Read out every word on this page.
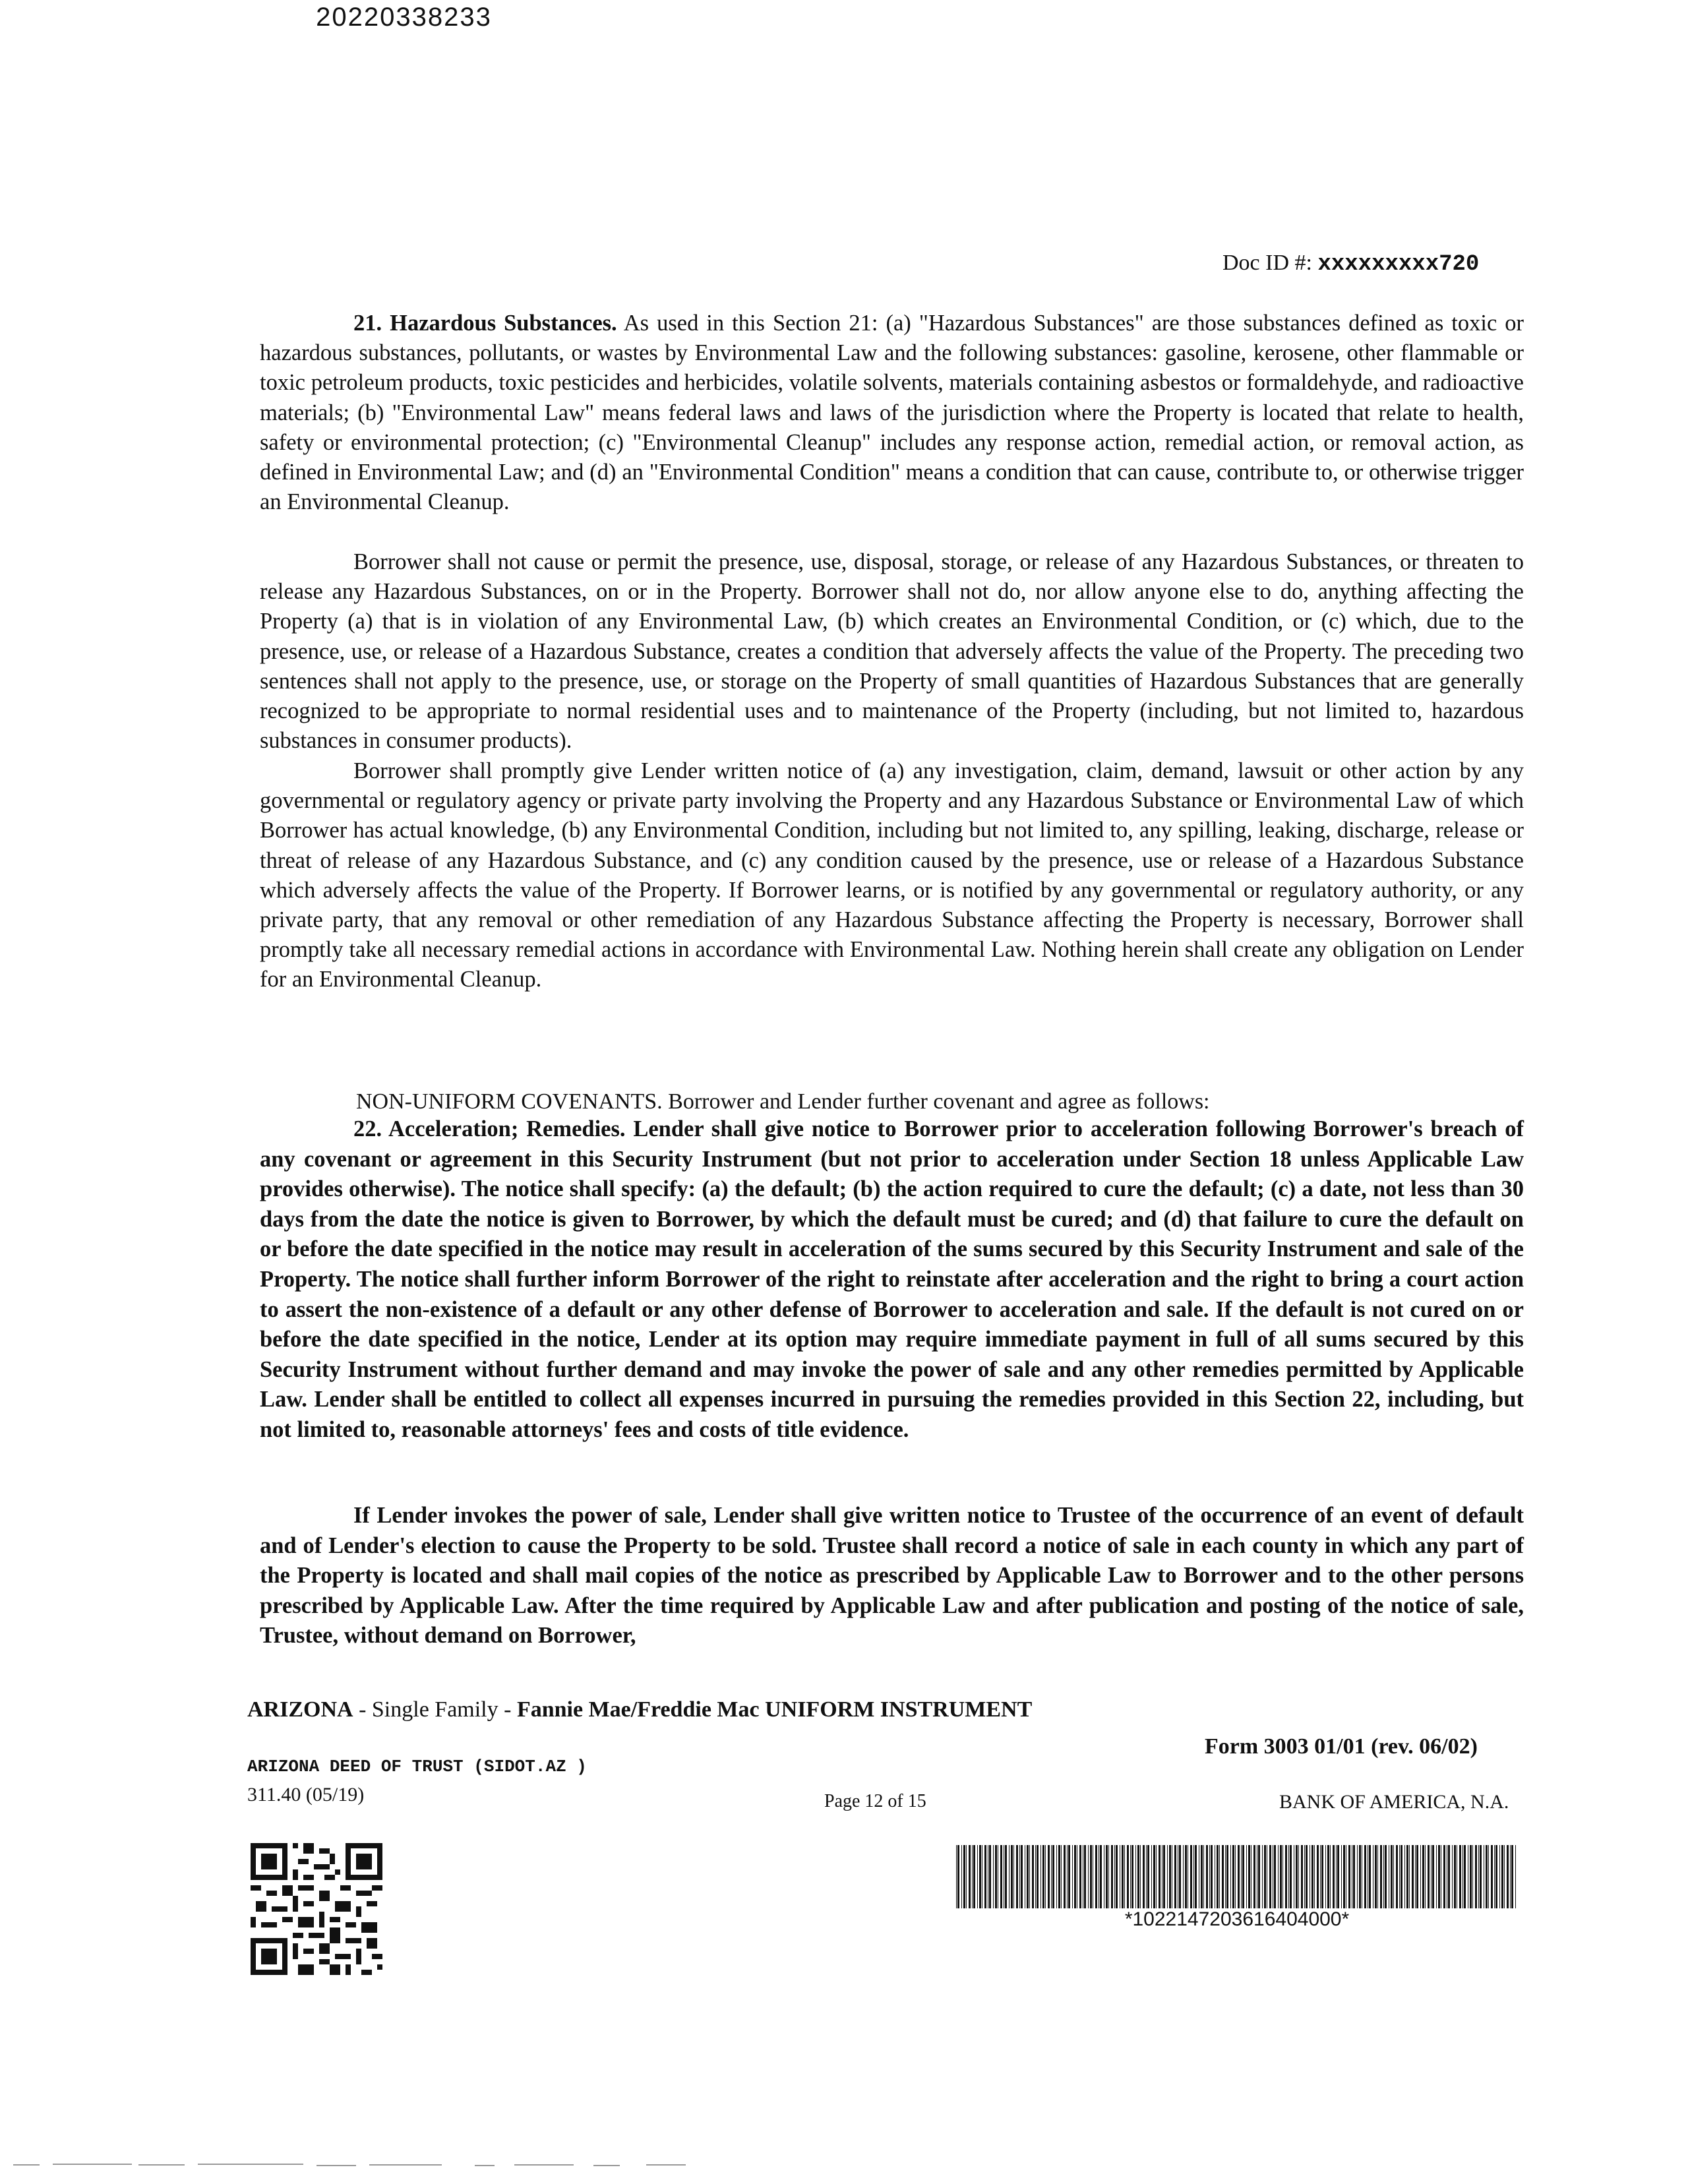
20220338233
Doc ID #: xxxxxxxxx720
21. Hazardous Substances. As used in this Section 21: (a) "Hazardous Substances" are those substances defined as toxic or hazardous substances, pollutants, or wastes by Environmental Law and the following substances: gasoline, kerosene, other flammable or toxic petroleum products, toxic pesticides and herbicides, volatile solvents, materials containing asbestos or formaldehyde, and radioactive materials; (b) "Environmental Law" means federal laws and laws of the jurisdiction where the Property is located that relate to health, safety or environmental protection; (c) "Environmental Cleanup" includes any response action, remedial action, or removal action, as defined in Environmental Law; and (d) an "Environmental Condition" means a condition that can cause, contribute to, or otherwise trigger an Environmental Cleanup.
Borrower shall not cause or permit the presence, use, disposal, storage, or release of any Hazardous Substances, or threaten to release any Hazardous Substances, on or in the Property. Borrower shall not do, nor allow anyone else to do, anything affecting the Property (a) that is in violation of any Environmental Law, (b) which creates an Environmental Condition, or (c) which, due to the presence, use, or release of a Hazardous Substance, creates a condition that adversely affects the value of the Property. The preceding two sentences shall not apply to the presence, use, or storage on the Property of small quantities of Hazardous Substances that are generally recognized to be appropriate to normal residential uses and to maintenance of the Property (including, but not limited to, hazardous substances in consumer products).
Borrower shall promptly give Lender written notice of (a) any investigation, claim, demand, lawsuit or other action by any governmental or regulatory agency or private party involving the Property and any Hazardous Substance or Environmental Law of which Borrower has actual knowledge, (b) any Environmental Condition, including but not limited to, any spilling, leaking, discharge, release or threat of release of any Hazardous Substance, and (c) any condition caused by the presence, use or release of a Hazardous Substance which adversely affects the value of the Property. If Borrower learns, or is notified by any governmental or regulatory authority, or any private party, that any removal or other remediation of any Hazardous Substance affecting the Property is necessary, Borrower shall promptly take all necessary remedial actions in accordance with Environmental Law. Nothing herein shall create any obligation on Lender for an Environmental Cleanup.
NON-UNIFORM COVENANTS. Borrower and Lender further covenant and agree as follows:
22. Acceleration; Remedies. Lender shall give notice to Borrower prior to acceleration following Borrower's breach of any covenant or agreement in this Security Instrument (but not prior to acceleration under Section 18 unless Applicable Law provides otherwise). The notice shall specify: (a) the default; (b) the action required to cure the default; (c) a date, not less than 30 days from the date the notice is given to Borrower, by which the default must be cured; and (d) that failure to cure the default on or before the date specified in the notice may result in acceleration of the sums secured by this Security Instrument and sale of the Property. The notice shall further inform Borrower of the right to reinstate after acceleration and the right to bring a court action to assert the non-existence of a default or any other defense of Borrower to acceleration and sale. If the default is not cured on or before the date specified in the notice, Lender at its option may require immediate payment in full of all sums secured by this Security Instrument without further demand and may invoke the power of sale and any other remedies permitted by Applicable Law. Lender shall be entitled to collect all expenses incurred in pursuing the remedies provided in this Section 22, including, but not limited to, reasonable attorneys' fees and costs of title evidence.
If Lender invokes the power of sale, Lender shall give written notice to Trustee of the occurrence of an event of default and of Lender's election to cause the Property to be sold. Trustee shall record a notice of sale in each county in which any part of the Property is located and shall mail copies of the notice as prescribed by Applicable Law to Borrower and to the other persons prescribed by Applicable Law. After the time required by Applicable Law and after publication and posting of the notice of sale, Trustee, without demand on Borrower,
ARIZONA - Single Family - Fannie Mae/Freddie Mac UNIFORM INSTRUMENT
Form 3003 01/01 (rev. 06/02)
ARIZONA DEED OF TRUST (SIDOT.AZ )
311.40 (05/19)	Page 12 of 15	BANK OF AMERICA, N.A.
*10221472036164040​00*
